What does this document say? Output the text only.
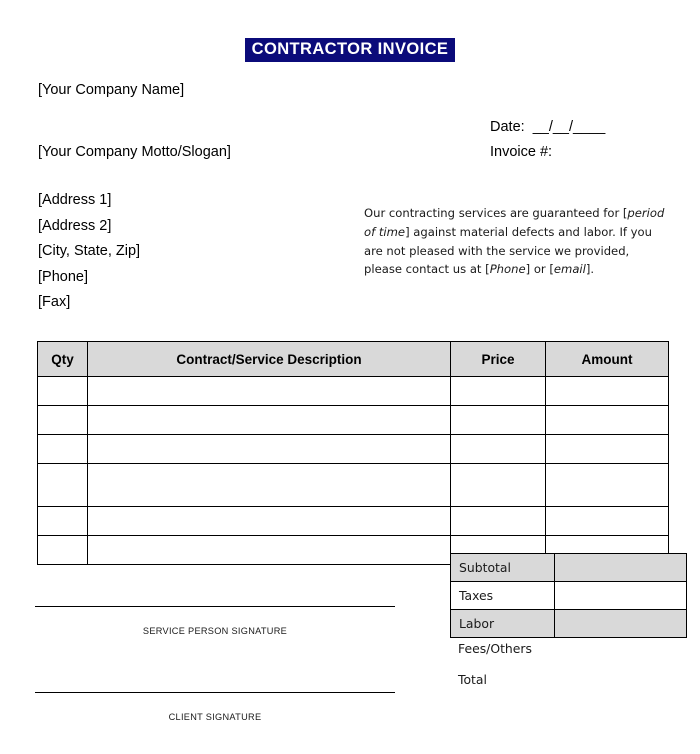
CONTRACTOR INVOICE
[Your Company Name]
[Your Company Motto/Slogan]
[Address 1]
[Address 2]
[City, State, Zip]
[Phone]
[Fax]
Date:  __/__/____
Invoice #:
Our contracting services are guaranteed for [period of time] against material defects and labor. If you are not pleased with the service we provided, please contact us at [Phone] or [email].
Qty	Contract/Service Description	Price	Amount

Subtotal	
Taxes	
Labor	
Fees/Others
Total
SERVICE PERSON SIGNATURE
CLIENT SIGNATURE
